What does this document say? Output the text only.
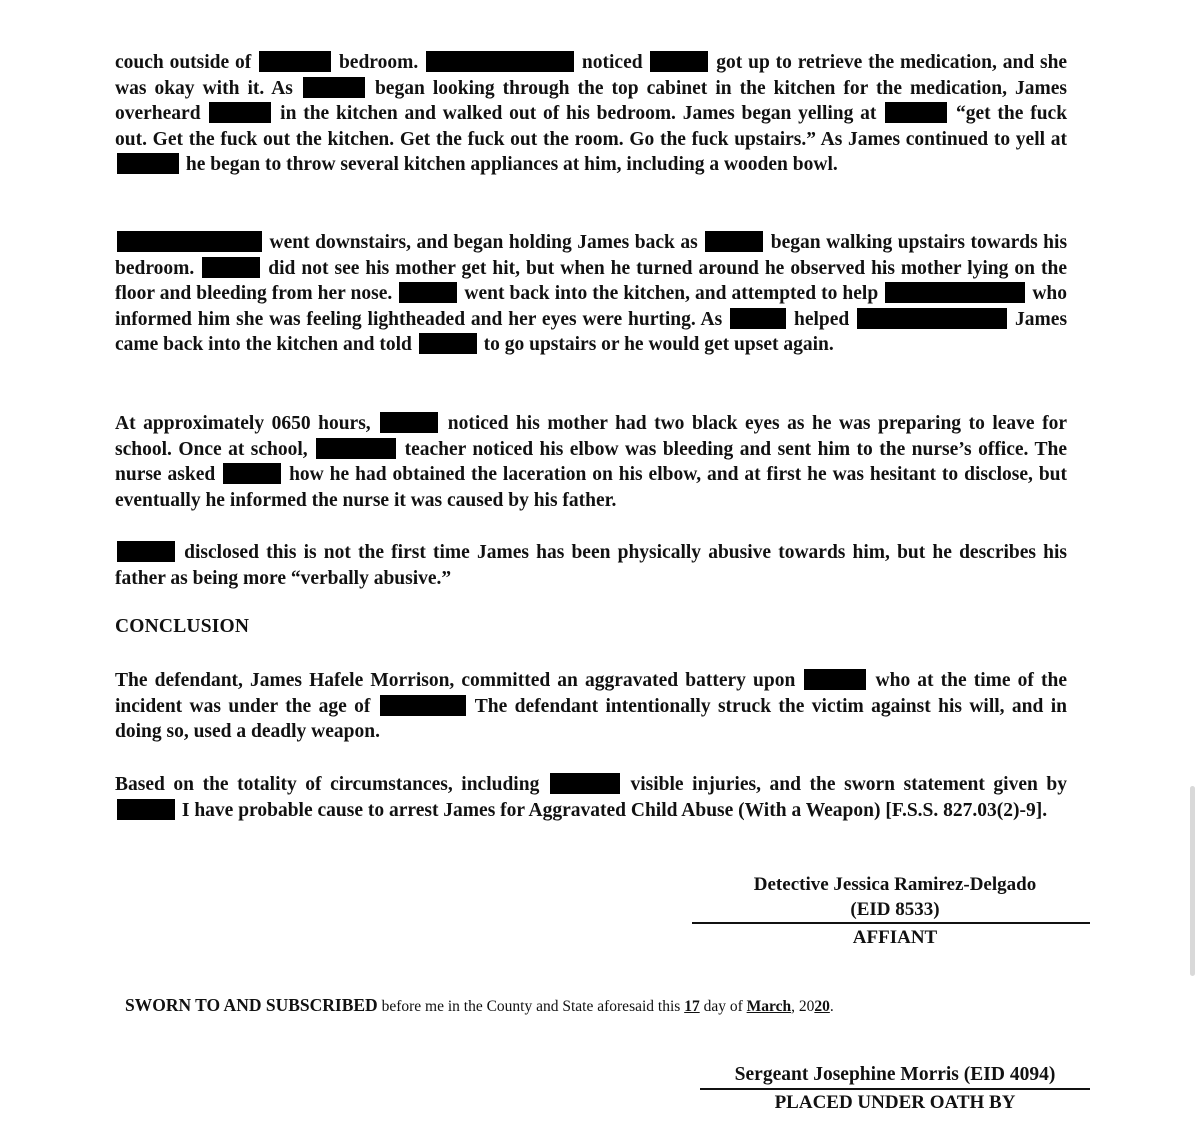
couch outside of	bedroom.	noticed	got up to retrieve the medication, and she was okay with it. As	began looking through the top cabinet in the kitchen for the medication, James overheard	in the kitchen and walked out of his bedroom. James began yelling at	“get the fuck out. Get the fuck out the kitchen. Get the fuck out the room. Go the fuck upstairs.” As James continued to yell at  he began to throw several kitchen appliances at him, including a wooden bowl.
went downstairs, and began holding James back as	began walking upstairs towards his bedroom.	did not see his mother get hit, but when he turned around he observed his mother lying on the floor and bleeding from her nose.	went back into the kitchen, and attempted to help	who informed him she was feeling lightheaded and her eyes were hurting. As	helped	James came back into the kitchen and told	to go upstairs or he would get upset again.
At approximately 0650 hours,	noticed his mother had two black eyes as he was preparing to leave for school. Once at school,	teacher noticed his elbow was bleeding and sent him to the nurse’s office. The nurse asked	how he had obtained the laceration on his elbow, and at first he was hesitant to disclose, but eventually he informed the nurse it was caused by his father.
disclosed this is not the first time James has been physically abusive towards him, but he describes his father as being more “verbally abusive.”
CONCLUSION
The defendant, James Hafele Morrison, committed an aggravated battery upon	who at the time of the incident was under the age of	The defendant intentionally struck the victim against his will, and in doing so, used a deadly weapon.
Based on the totality of circumstances, including	visible injuries, and the sworn statement given by  I have probable cause to arrest James for Aggravated Child Abuse (With a Weapon) [F.S.S. 827.03(2)-9].
Detective Jessica Ramirez-Delgado
(EID 8533)
AFFIANT
SWORN TO AND SUBSCRIBED before me in the County and State aforesaid this 17 day of March, 2020.
Sergeant Josephine Morris (EID 4094)
PLACED UNDER OATH BY
